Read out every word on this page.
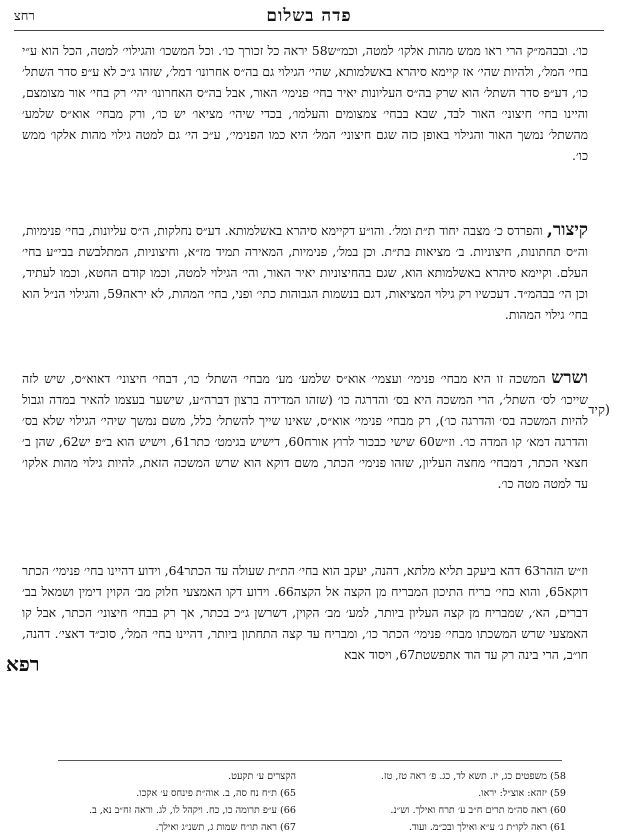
רחצ	פדה בשלום
כו׳. ובבהמ״ק הרי ראו ממש מהות אלקו׳ למטה, וכמ״ש58 יראה כל זכורך כו׳. וכל המשכו׳ והגילוי׳ למטה, הכל הוא ע״י בחי׳ המל׳, ולהיות שהי׳ אז קיימא סיהרא באשלמותא, שהי׳ הגילוי גם בה״ס אחרונו׳ דמל׳, שזהו ג״כ לא ע״פ סדר השתל׳ כו׳, דע״פ סדר השתל׳ הוא שרק בה״ס העליונות יאיר בחי׳ פנימי׳ האור, אבל בה״ס האחרונו׳ יהי׳ רק בחי׳ אור מצומצם, והיינו בחי׳ חיצוני׳ האור לבד, שבא בבחי׳ צמצומים והעלמו׳, בכדי שיהי׳ מציאו׳ יש כו׳, ורק מבחי׳ אוא״ס שלמע׳ מהשתל׳ נמשך האור והגילוי באופן כזה שגם חיצוני׳ המל׳ היא כמו הפנימי׳, ע״כ הי׳ גם למטה גילוי מהות אלקו׳ ממש כו׳.
קיצור, והפרדס כ׳ מצבה יחוד ת״ת ומל׳. והו״ע דקיימא סיהרא באשלמותא. דע״ס נחלקות, ה״ס עליונות, בחי׳ פנימיות, וה״ס תחתונות, חיצוניות. ב׳ מציאות בת״ת. וכן במל׳, פנימיות, המאירה תמיד מז״א, וחיצוניות, המתלבשת בבי״ע בחי׳ העלם. וקיימא סיהרא באשלמותא הוא, שגם בהחיצוניות יאיר האור, והי׳ הגילוי למטה, וכמו קודם החטא, וכמו לעתיד, וכן הי׳ בבהמ״ד. דעכשיו רק גילוי המציאות, דגם בנשמות הגבוהות כתי׳ ופני, בחי׳ המהות, לא יראה59, והגילוי הנ״ל הוא בחי׳ גילוי המהות.
קיד)
ושרש המשכה זו היא מבחי׳ פנימי׳ ועצמי׳ אוא״ס שלמע׳ מע׳ מבחי׳ השתל׳ כו׳, דבחי׳ חיצוני׳ דאוא״ס, שיש לזה שייכו׳ לס׳ השתל׳, הרי המשכה היא בס׳ והדרגה כו׳ (שזהו המדידה ברצון דברה״ע, שישער בעצמו להאיר במדה וגבול להיות המשכה בס׳ והדרגה כו׳), רק מבחי׳ פנימי׳ אוא״ס, שאינו שייך להשתל׳ כלל, משם נמשך שיהי׳ הגילוי שלא בס׳ והדרגה דמא׳ קו המדה כו׳. וז״ש60 שישי כבכור לרוץ אורח60, דישיש בגימט׳ כתר61, וישיש הוא ב״פ יש62, שהן ב׳ חצאי הכתר, דמבחי׳ מחצה העליון, שזהו פנימי׳ הכתר, משם דוקא הוא שרש המשכה הזאת, להיות גילוי מהות אלקו׳ עד למטה מטה כו׳.
וז״ש הזהר63 דהא ביעקב תליא מלתא, דהנה, יעקב הוא בחי׳ הת״ת שעולה עד הכתר64, וידוע דהיינו בחי׳ פנימי׳ הכתר דוקא65, והוא בחי׳ בריח התיכון המבריח מן הקצה אל הקצה66. וידוע דקו האמצעי חלוק מב׳ הקוין דימין ושמאל בב׳ דברים, הא׳, שמבריח מן קצה העליון ביותר, למע׳ מב׳ הקוין, דשרשן ג״כ בכתר, אך רק בבחי׳ חיצוני׳ הכתר, אבל קו האמצעי שרש המשכתו מבחי׳ פנימי׳ הכתר כו׳, ומבריח עד קצה התחתון ביותר, דהיינו בחי׳ המל׳, סוכ״ד דאצי׳. דהנה, חו״ב, הרי בינה רק עד הוד אתפשטת67, ויסוד אבא
רפא
58) משפטים כג, יז. תשא לד, כג. פ׳ ראה טז, טז.
59) יזהא: אוצ״ל: יראו.
60) ראה סה״מ תרים ח״ב ע׳ תרח ואילך. וש״נ.
61) ראה לקו״ת ג׳ ע״א ואילך ובכ״מ. ועוד.
הקצרים ע׳ תקעט.
65) ת״ח נח סה, ב. אוה״ת פינחס ע׳ אקכו.
66) ע״פ תרומה כו, כח. ויקהל לו, לג. וראה זח״ב נא, ב.
67) ראה תו״ח שמות ג, תשנ״ג ואילך.
